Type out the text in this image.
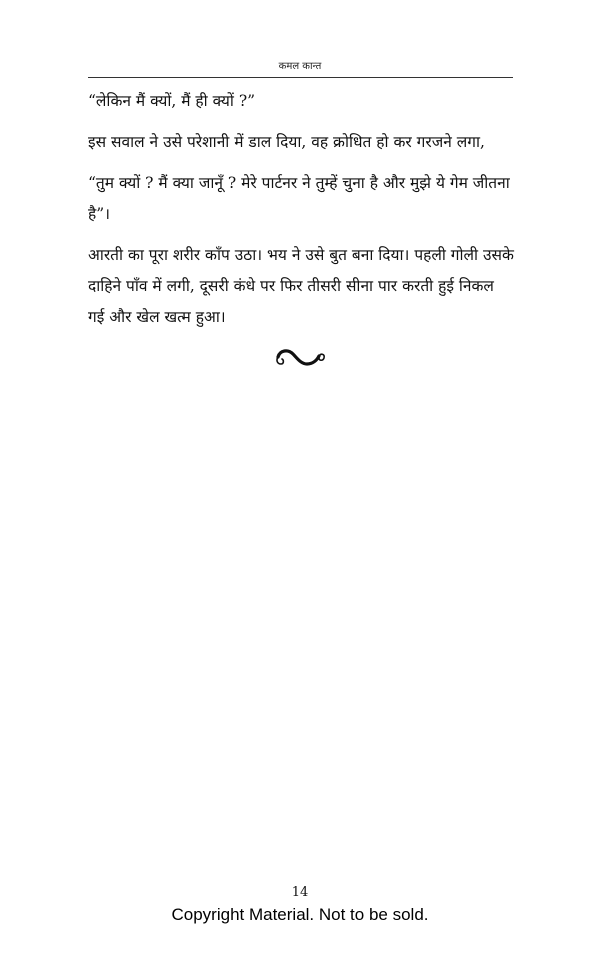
कमल कान्त

“लेकिन मैं क्यों, मैं ही क्यों ?”

इस सवाल ने उसे परेशानी में डाल दिया, वह क्रोधित हो कर गरजने लगा,

“तुम क्यों ? मैं क्या जानूँ ? मेरे पार्टनर ने तुम्हें चुना है और मुझे ये गेम जीतना है”।

आरती का पूरा शरीर काँप उठा। भय ने उसे बुत बना दिया। पहली गोली उसके दाहिने पाँव में लगी, दूसरी कंधे पर फिर तीसरी सीना पार करती हुई निकल गई और खेल खत्म हुआ।

14
Copyright Material. Not to be sold.
